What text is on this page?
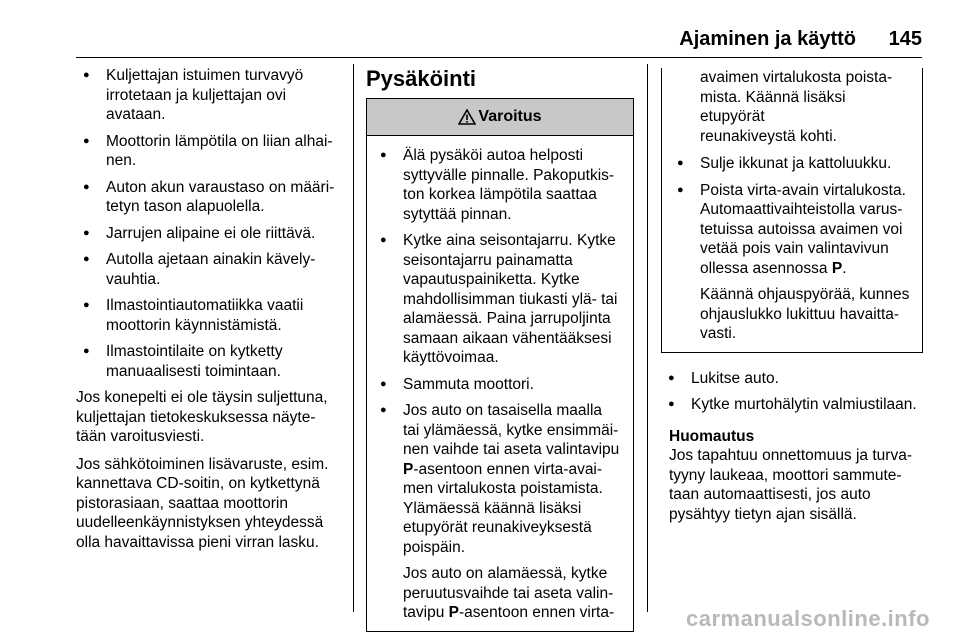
Ajaminen ja käyttö 145
● Kuljettajan istuimen turvavyö
irrotetaan ja kuljettajan ovi
avataan.
● Moottorin lämpötila on liian alhai-
nen.
● Auton akun varaustaso on määri-
tetyn tason alapuolella.
● Jarrujen alipaine ei ole riittävä.
● Autolla ajetaan ainakin kävely-
vauhtia.
● Ilmastointiautomatiikka vaatii
moottorin käynnistämistä.
● Ilmastointilaite on kytketty
manuaalisesti toimintaan.

Jos konepelti ei ole täysin suljettuna,
kuljettajan tietokeskuksessa näyte-
tään varoitusviesti.

Jos sähkötoiminen lisävaruste, esim.
kannettava CD-soitin, on kytkettynä
pistorasiaan, saattaa moottorin
uudelleenkäynnistyksen yhteydessä
olla havaittavissa pieni virran lasku.

Pysäköinti
Varoitus
● Älä pysäköi autoa helposti
syttyvälle pinnalle. Pakoputkis-
ton korkea lämpötila saattaa
sytyttää pinnan.
● Kytke aina seisontajarru. Kytke
seisontajarru painamatta
vapautuspainiketta. Kytke
mahdollisimman tiukasti ylä- tai
alamäessä. Paina jarrupoljinta
samaan aikaan vähentääksesi
käyttövoimaa.
● Sammuta moottori.
● Jos auto on tasaisella maalla
tai ylämäessä, kytke ensimmäi-
nen vaihde tai aseta valintavipu
P-asentoon ennen virta-avai-
men virtalukosta poistamista.
Ylämäessä käännä lisäksi
etupyörät reunakiveyksestä
poispäin.

Jos auto on alamäessä, kytke
peruutusvaihde tai aseta valin-
tavipu P-asentoon ennen virta-

avaimen virtalukosta poista-
mista. Käännä lisäksi etupyörät
reunakiveystä kohti.

● Sulje ikkunat ja kattoluukku.
● Poista virta-avain virtalukosta.
Automaattivaihteistolla varus-
tetuissa autoissa avaimen voi
vetää pois vain valintavivun
ollessa asennossa P.

Käännä ohjauspyörää, kunnes
ohjauslukko lukittuu havaitta-
vasti.

● Lukitse auto.
● Kytke murtohälytin valmiustilaan.
Huomautus
Jos tapahtuu onnettomuus ja turva-
tyyny laukeaa, moottori sammute-
taan automaattisesti, jos auto
pysähtyy tietyn ajan sisällä.
carmanualsonline.info
